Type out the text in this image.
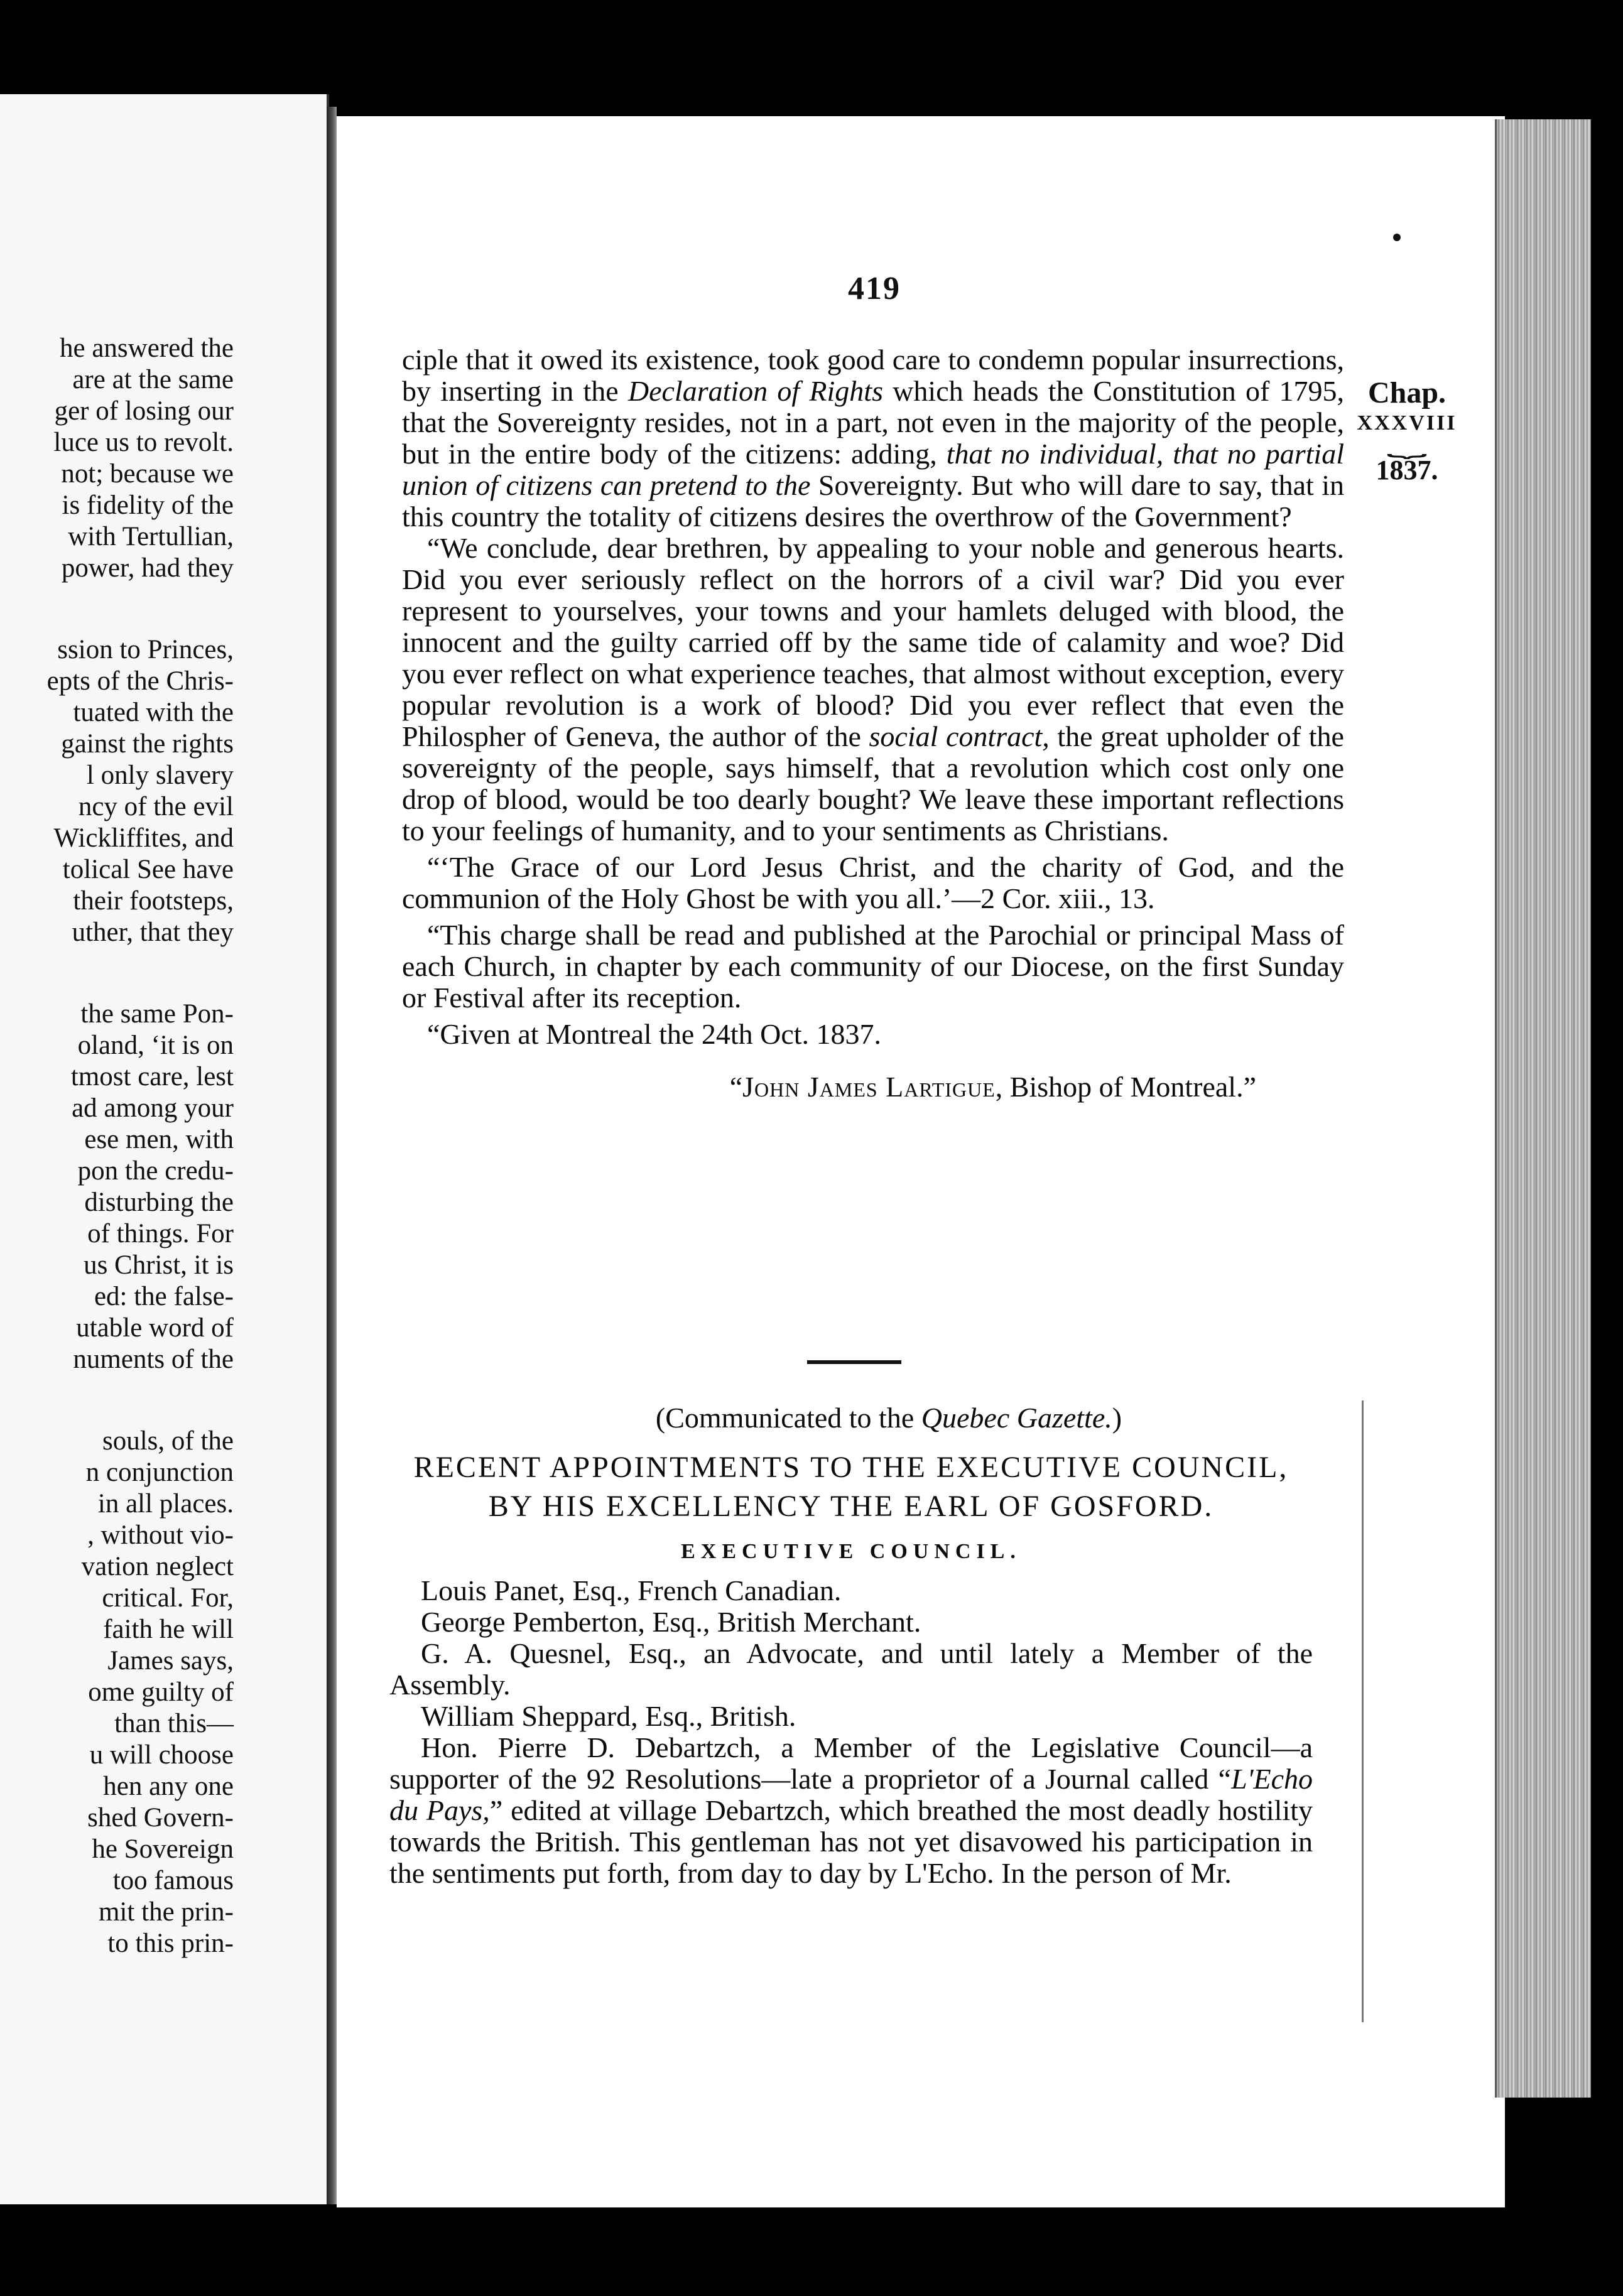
he answered the
are at the same
ger of losing our
luce us to revolt.
not; because we
is fidelity of the
with Tertullian,
power, had they
ssion to Princes,
epts of the Chris-
tuated with the
gainst the rights
l only slavery
ncy of the evil
Wickliffites, and
tolical See have
their footsteps,
uther, that they
the same Pon-
oland, ‘it is on
tmost care, lest
ad among your
ese men, with
pon the credu-
disturbing the
of things. For
us Christ, it is
ed: the false-
utable word of
numents of the
souls, of the
n conjunction
in all places.
, without vio-
vation neglect
critical. For,
faith he will
James says,
ome guilty of
than this—
u will choose
hen any one
shed Govern-
he Sovereign
too famous
mit the prin-
to this prin-
419
Chap.
XXXVIII
⏟
1837.

ciple that it owed its existence, took good care to condemn popular insurrections, by inserting in the Declaration of Rights which heads the Constitution of 1795, that the Sovereignty resides, not in a part, not even in the majority of the people, but in the entire body of the citizens: adding, that no individual, that no partial union of citizens can pretend to the Sovereignty. But who will dare to say, that in this country the totality of citizens desires the overthrow of the Government?

“We conclude, dear brethren, by appealing to your noble and generous hearts. Did you ever seriously reflect on the horrors of a civil war? Did you ever represent to yourselves, your towns and your hamlets deluged with blood, the innocent and the guilty carried off by the same tide of calamity and woe? Did you ever reflect on what experience teaches, that almost without exception, every popular revolution is a work of blood? Did you ever reflect that even the Philospher of Geneva, the author of the social contract, the great upholder of the sovereignty of the people, says himself, that a revolution which cost only one drop of blood, would be too dearly bought? We leave these important reflections to your feelings of humanity, and to your sentiments as Christians.

“‘The Grace of our Lord Jesus Christ, and the charity of God, and the communion of the Holy Ghost be with you all.’—2 Cor. xiii., 13.

“This charge shall be read and published at the Parochial or principal Mass of each Church, in chapter by each community of our Diocese, on the first Sunday or Festival after its reception.

“Given at Montreal the 24th Oct. 1837.

“John James Lartigue, Bishop of Montreal.”

(Communicated to the Quebec Gazette.)
RECENT APPOINTMENTS TO THE EXECUTIVE COUNCIL, BY HIS EXCELLENCY THE EARL OF GOSFORD.
EXECUTIVE COUNCIL.

Louis Panet, Esq., French Canadian.

George Pemberton, Esq., British Merchant.

G. A. Quesnel, Esq., an Advocate, and until lately a Member of the Assembly.

William Sheppard, Esq., British.

Hon. Pierre D. Debartzch, a Member of the Legislative Council—a supporter of the 92 Resolutions—late a proprietor of a Journal called “L'Echo du Pays,” edited at village Debartzch, which breathed the most deadly hostility towards the British. This gentleman has not yet disavowed his participation in the sentiments put forth, from day to day by L'Echo. In the person of Mr.
